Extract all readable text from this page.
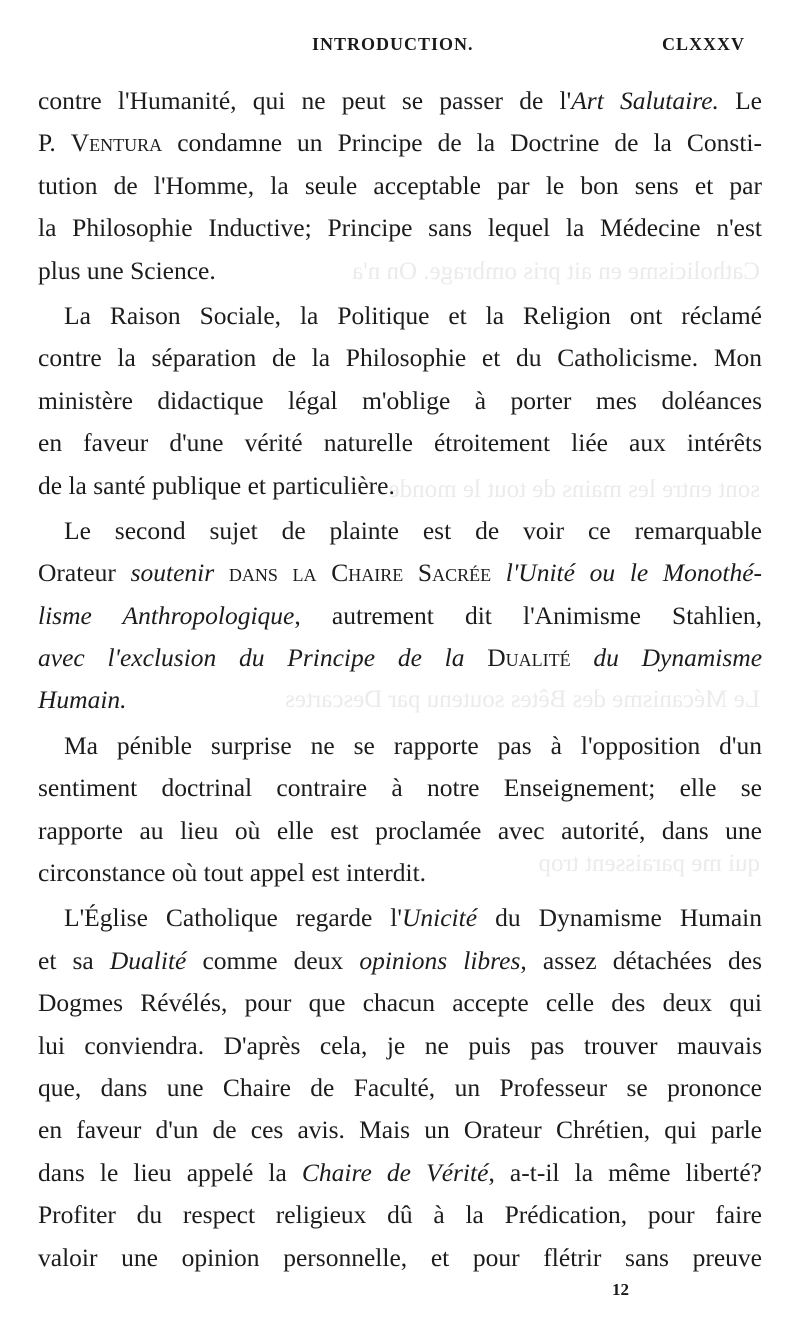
Catholicisme en ait pris ombrage. On n'a
sont entre les mains de tout le monde
Le Mécanisme des Bêtes soutenu par Descartes
qui me paraissent trop
INTRODUCTION.	CLXXXV
contre l'Humanité, qui ne peut se passer de l'Art Salutaire. Le
P. Ventura condamne un Principe de la Doctrine de la Consti-
tution de l'Homme, la seule acceptable par le bon sens et par
la Philosophie Inductive; Principe sans lequel la Médecine n'est
plus une Science.
La Raison Sociale, la Politique et la Religion ont réclamé
contre la séparation de la Philosophie et du Catholicisme. Mon
ministère didactique légal m'oblige à porter mes doléances
en faveur d'une vérité naturelle étroitement liée aux intérêts
de la santé publique et particulière.
Le second sujet de plainte est de voir ce remarquable
Orateur soutenir dans la Chaire Sacrée l'Unité ou le Monothé-
lisme Anthropologique, autrement dit l'Animisme Stahlien,
avec l'exclusion du Principe de la Dualité du Dynamisme
Humain.
Ma pénible surprise ne se rapporte pas à l'opposition d'un
sentiment doctrinal contraire à notre Enseignement; elle se
rapporte au lieu où elle est proclamée avec autorité, dans une
circonstance où tout appel est interdit.
L'Église Catholique regarde l'Unicité du Dynamisme Humain
et sa Dualité comme deux opinions libres, assez détachées des
Dogmes Révélés, pour que chacun accepte celle des deux qui
lui conviendra. D'après cela, je ne puis pas trouver mauvais
que, dans une Chaire de Faculté, un Professeur se prononce
en faveur d'un de ces avis. Mais un Orateur Chrétien, qui parle
dans le lieu appelé la Chaire de Vérité, a-t-il la même liberté?
Profiter du respect religieux dû à la Prédication, pour faire
valoir une opinion personnelle, et pour flétrir sans preuve
12
